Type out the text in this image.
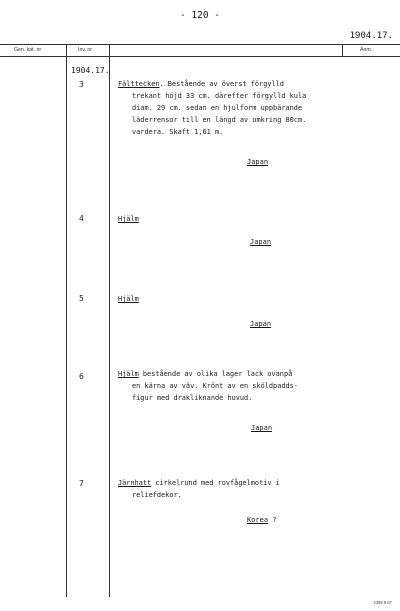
- 120 -
1904.17.
Gen. kat. nr	Inv. nr	Anm.
1904.17.
3	Fälttecken. Bestående av överst förgylld
trekant höjd 33 cm. därefter förgylld kula
diam. 29 cm. sedan en hjulform uppbärande
läderrensor till en längd av omkring 80cm.
vardera. Skaft 1,61 m.
Japan
4	Hjälm
Japan
5	Hjälm
Japan
6	Hjälm bestående av olika lager lack ovanpå
en kärna av väv. Krönt av en sköldpadds-
figur med drakliknande huvud.
Japan
7	Järnhatt cirkelrund med rovfågelmotiv i
reliefdekor.
Korea ?
2399 9 67
